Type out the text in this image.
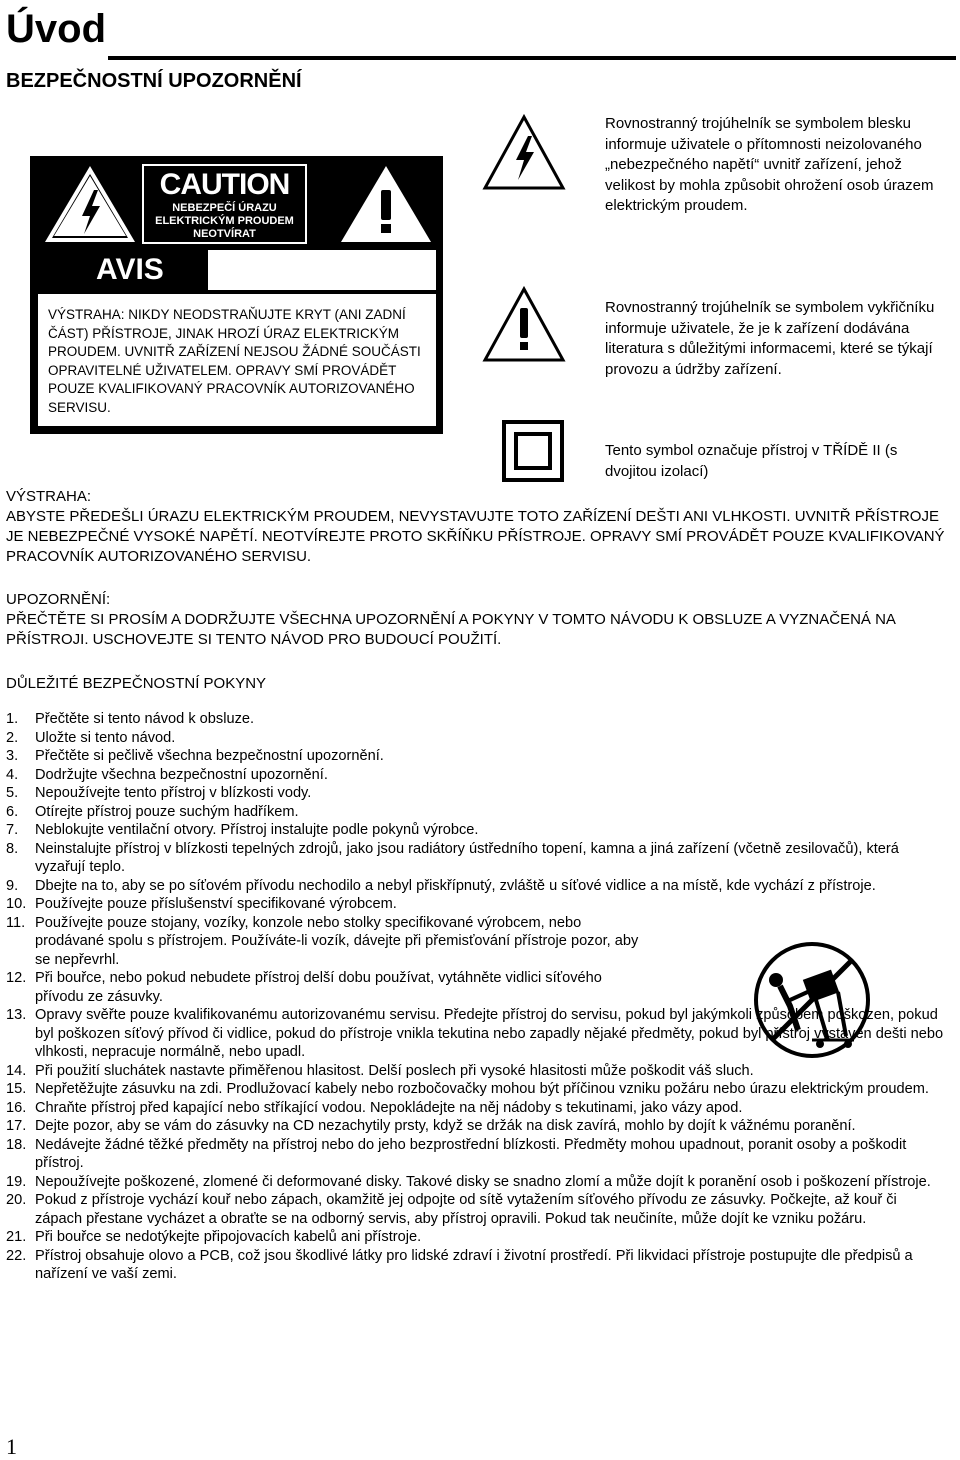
Úvod
BEZPEČNOSTNÍ UPOZORNĚNÍ
CAUTION
NEBEZPEČÍ ÚRAZU
ELEKTRICKÝM PROUDEM
NEOTVÍRAT
AVIS
VÝSTRAHA: NIKDY NEODSTRAŇUJTE KRYT (ANI ZADNÍ ČÁST) PŘÍSTROJE, JINAK HROZÍ ÚRAZ ELEKTRICKÝM PROUDEM. UVNITŘ ZAŘÍZENÍ NEJSOU ŽÁDNÉ SOUČÁSTI OPRAVITELNÉ UŽIVATELEM. OPRAVY SMÍ PROVÁDĚT POUZE KVALIFIKOVANÝ PRACOVNÍK AUTORIZOVANÉHO SERVISU.
Rovnostranný trojúhelník se symbolem blesku informuje uživatele o přítomnosti neizolovaného „nebezpečného napětí“ uvnitř zařízení, jehož velikost by mohla způsobit ohrožení osob úrazem elektrickým proudem.
Rovnostranný trojúhelník se symbolem vykřičníku informuje uživatele, že je k zařízení dodávána literatura s důležitými informacemi, které se týkají provozu a údržby zařízení.
Tento symbol označuje přístroj v TŘÍDĚ II (s dvojitou izolací)

VÝSTRAHA:

ABYSTE PŘEDEŠLI ÚRAZU ELEKTRICKÝM PROUDEM, NEVYSTAVUJTE TOTO ZAŘÍZENÍ DEŠTI ANI VLHKOSTI. UVNITŘ PŘÍSTROJE JE NEBEZPEČNÉ VYSOKÉ NAPĚTÍ. NEOTVÍREJTE PROTO SKŘÍŇKU PŘÍSTROJE. OPRAVY SMÍ PROVÁDĚT POUZE KVALIFIKOVANÝ PRACOVNÍK AUTORIZOVANÉHO SERVISU.

UPOZORNĚNÍ:

PŘEČTĚTE SI PROSÍM A DODRŽUJTE VŠECHNA UPOZORNĚNÍ A POKYNY V TOMTO NÁVODU K OBSLUZE A VYZNAČENÁ NA PŘÍSTROJI. USCHOVEJTE SI TENTO NÁVOD PRO BUDOUCÍ POUŽITÍ.

DŮLEŽITÉ BEZPEČNOSTNÍ POKYNY
1.	Přečtěte si tento návod k obsluze.
2.	Uložte si tento návod.
3.	Přečtěte si pečlivě všechna bezpečnostní upozornění.
4.	Dodržujte všechna bezpečnostní upozornění.
5.	Nepoužívejte tento přístroj v blízkosti vody.
6.	Otírejte přístroj pouze suchým hadříkem.
7.	Neblokujte ventilační otvory. Přístroj instalujte podle pokynů výrobce.
8.	Neinstalujte přístroj v blízkosti tepelných zdrojů, jako jsou radiátory ústředního topení, kamna a jiná zařízení (včetně zesilovačů), která vyzařují teplo.
9.	Dbejte na to, aby se po síťovém přívodu nechodilo a nebyl přiskřípnutý, zvláště u síťové vidlice a na místě, kde vychází z přístroje.
10. Používejte pouze příslušenství specifikované výrobcem.
11. Používejte pouze stojany, vozíky, konzole nebo stolky specifikované výrobcem, nebo prodávané spolu s přístrojem. Používáte-li vozík, dávejte při přemisťování přístroje pozor, aby se nepřevrhl.
12. Při bouřce, nebo pokud nebudete přístroj delší dobu používat, vytáhněte vidlici síťového přívodu ze zásuvky.
13. Opravy svěřte pouze kvalifikovanému autorizovanému servisu. Předejte přístroj do servisu, pokud byl jakýmkoli způsobem poškozen, pokud byl poškozen síťový přívod či vidlice, pokud do přístroje vnikla tekutina nebo zapadly nějaké předměty, pokud byl přístroj vystaven dešti nebo vlhkosti, nepracuje normálně, nebo upadl.
14. Při použití sluchátek nastavte přiměřenou hlasitost. Delší poslech při vysoké hlasitosti může poškodit váš sluch.
15. Nepřetěžujte zásuvku na zdi. Prodlužovací kabely nebo rozbočovačky mohou být příčinou vzniku požáru nebo úrazu elektrickým proudem.
16. Chraňte přístroj před kapající nebo stříkající vodou. Nepokládejte na něj nádoby s tekutinami, jako vázy apod.
17. Dejte pozor, aby se vám do zásuvky na CD nezachytily prsty, když se držák na disk zavírá, mohlo by dojít k vážnému poranění.
18. Nedávejte žádné těžké předměty na přístroj nebo do jeho bezprostřední blízkosti. Předměty mohou upadnout, poranit osoby a poškodit přístroj.
19. Nepoužívejte poškozené, zlomené či deformované disky. Takové disky se snadno zlomí a může dojít k poranění osob i poškození přístroje.
20. Pokud z přístroje vychází kouř nebo zápach, okamžitě jej odpojte od sítě vytažením síťového přívodu ze zásuvky. Počkejte, až kouř či zápach přestane vycházet a obraťte se na odborný servis, aby přístroj opravili. Pokud tak neučiníte, může dojít ke vzniku požáru.
21. Při bouřce se nedotýkejte připojovacích kabelů ani přístroje.
22. Přístroj obsahuje olovo a PCB, což jsou škodlivé látky pro lidské zdraví i životní prostředí. Při likvidaci přístroje postupujte dle předpisů a nařízení ve vaší zemi.
1
